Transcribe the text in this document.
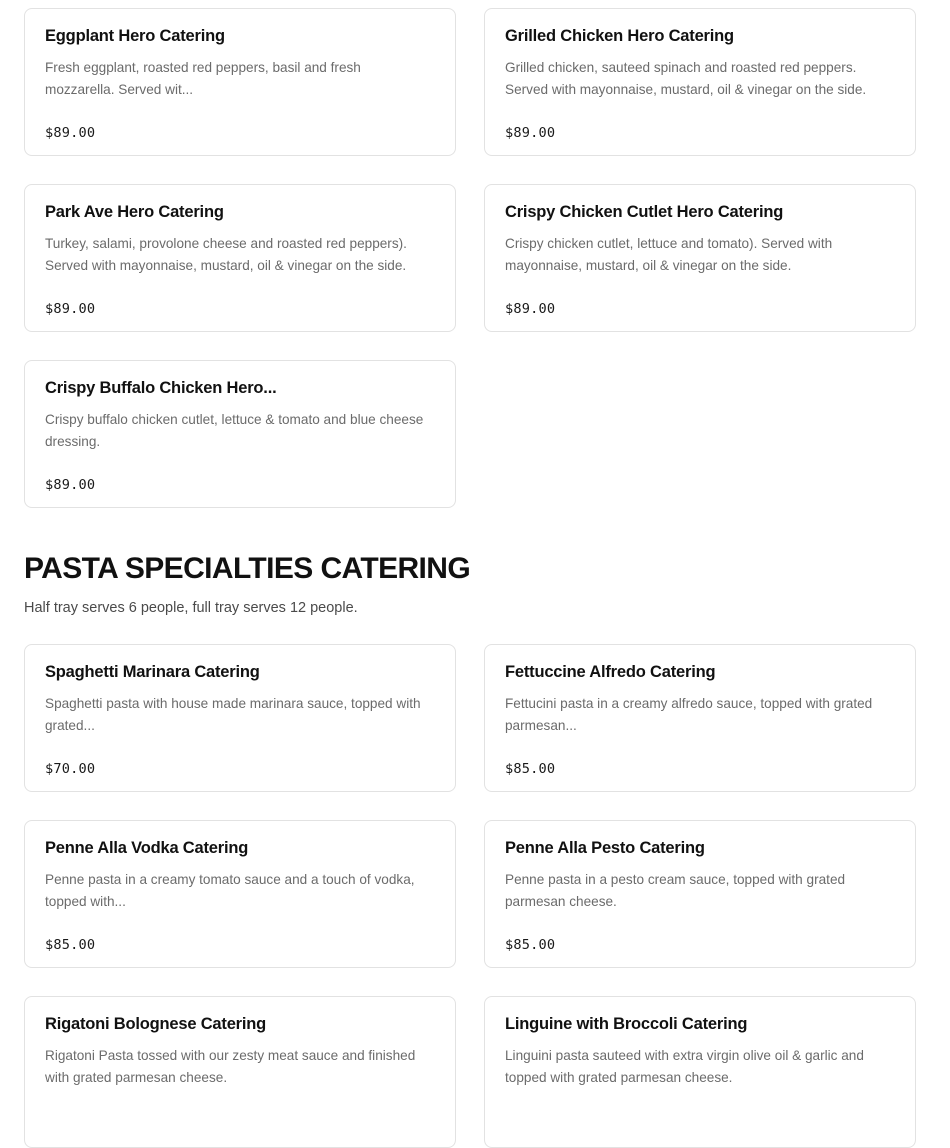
Eggplant Hero Catering
Fresh eggplant, roasted red peppers, basil and fresh mozzarella. Served wit...
$89.00
Grilled Chicken Hero Catering
Grilled chicken, sauteed spinach and roasted red peppers. Served with mayonnaise, mustard, oil & vinegar on the side.
$89.00
Park Ave Hero Catering
Turkey, salami, provolone cheese and roasted red peppers). Served with mayonnaise, mustard, oil & vinegar on the side.
$89.00
Crispy Chicken Cutlet Hero Catering
Crispy chicken cutlet, lettuce and tomato). Served with mayonnaise, mustard, oil & vinegar on the side.
$89.00
Crispy Buffalo Chicken Hero...
Crispy buffalo chicken cutlet, lettuce & tomato and blue cheese dressing.
$89.00
PASTA SPECIALTIES CATERING

Half tray serves 6 people, full tray serves 12 people.

Spaghetti Marinara Catering
Spaghetti pasta with house made marinara sauce, topped with grated...
$70.00
Fettuccine Alfredo Catering
Fettucini pasta in a creamy alfredo sauce, topped with grated parmesan...
$85.00
Penne Alla Vodka Catering
Penne pasta in a creamy tomato sauce and a touch of vodka, topped with...
$85.00
Penne Alla Pesto Catering
Penne pasta in a pesto cream sauce, topped with grated parmesan cheese.
$85.00
Rigatoni Bolognese Catering
Rigatoni Pasta tossed with our zesty meat sauce and finished with grated parmesan cheese.
Linguine with Broccoli Catering
Linguini pasta sauteed with extra virgin olive oil & garlic and topped with grated parmesan cheese.
